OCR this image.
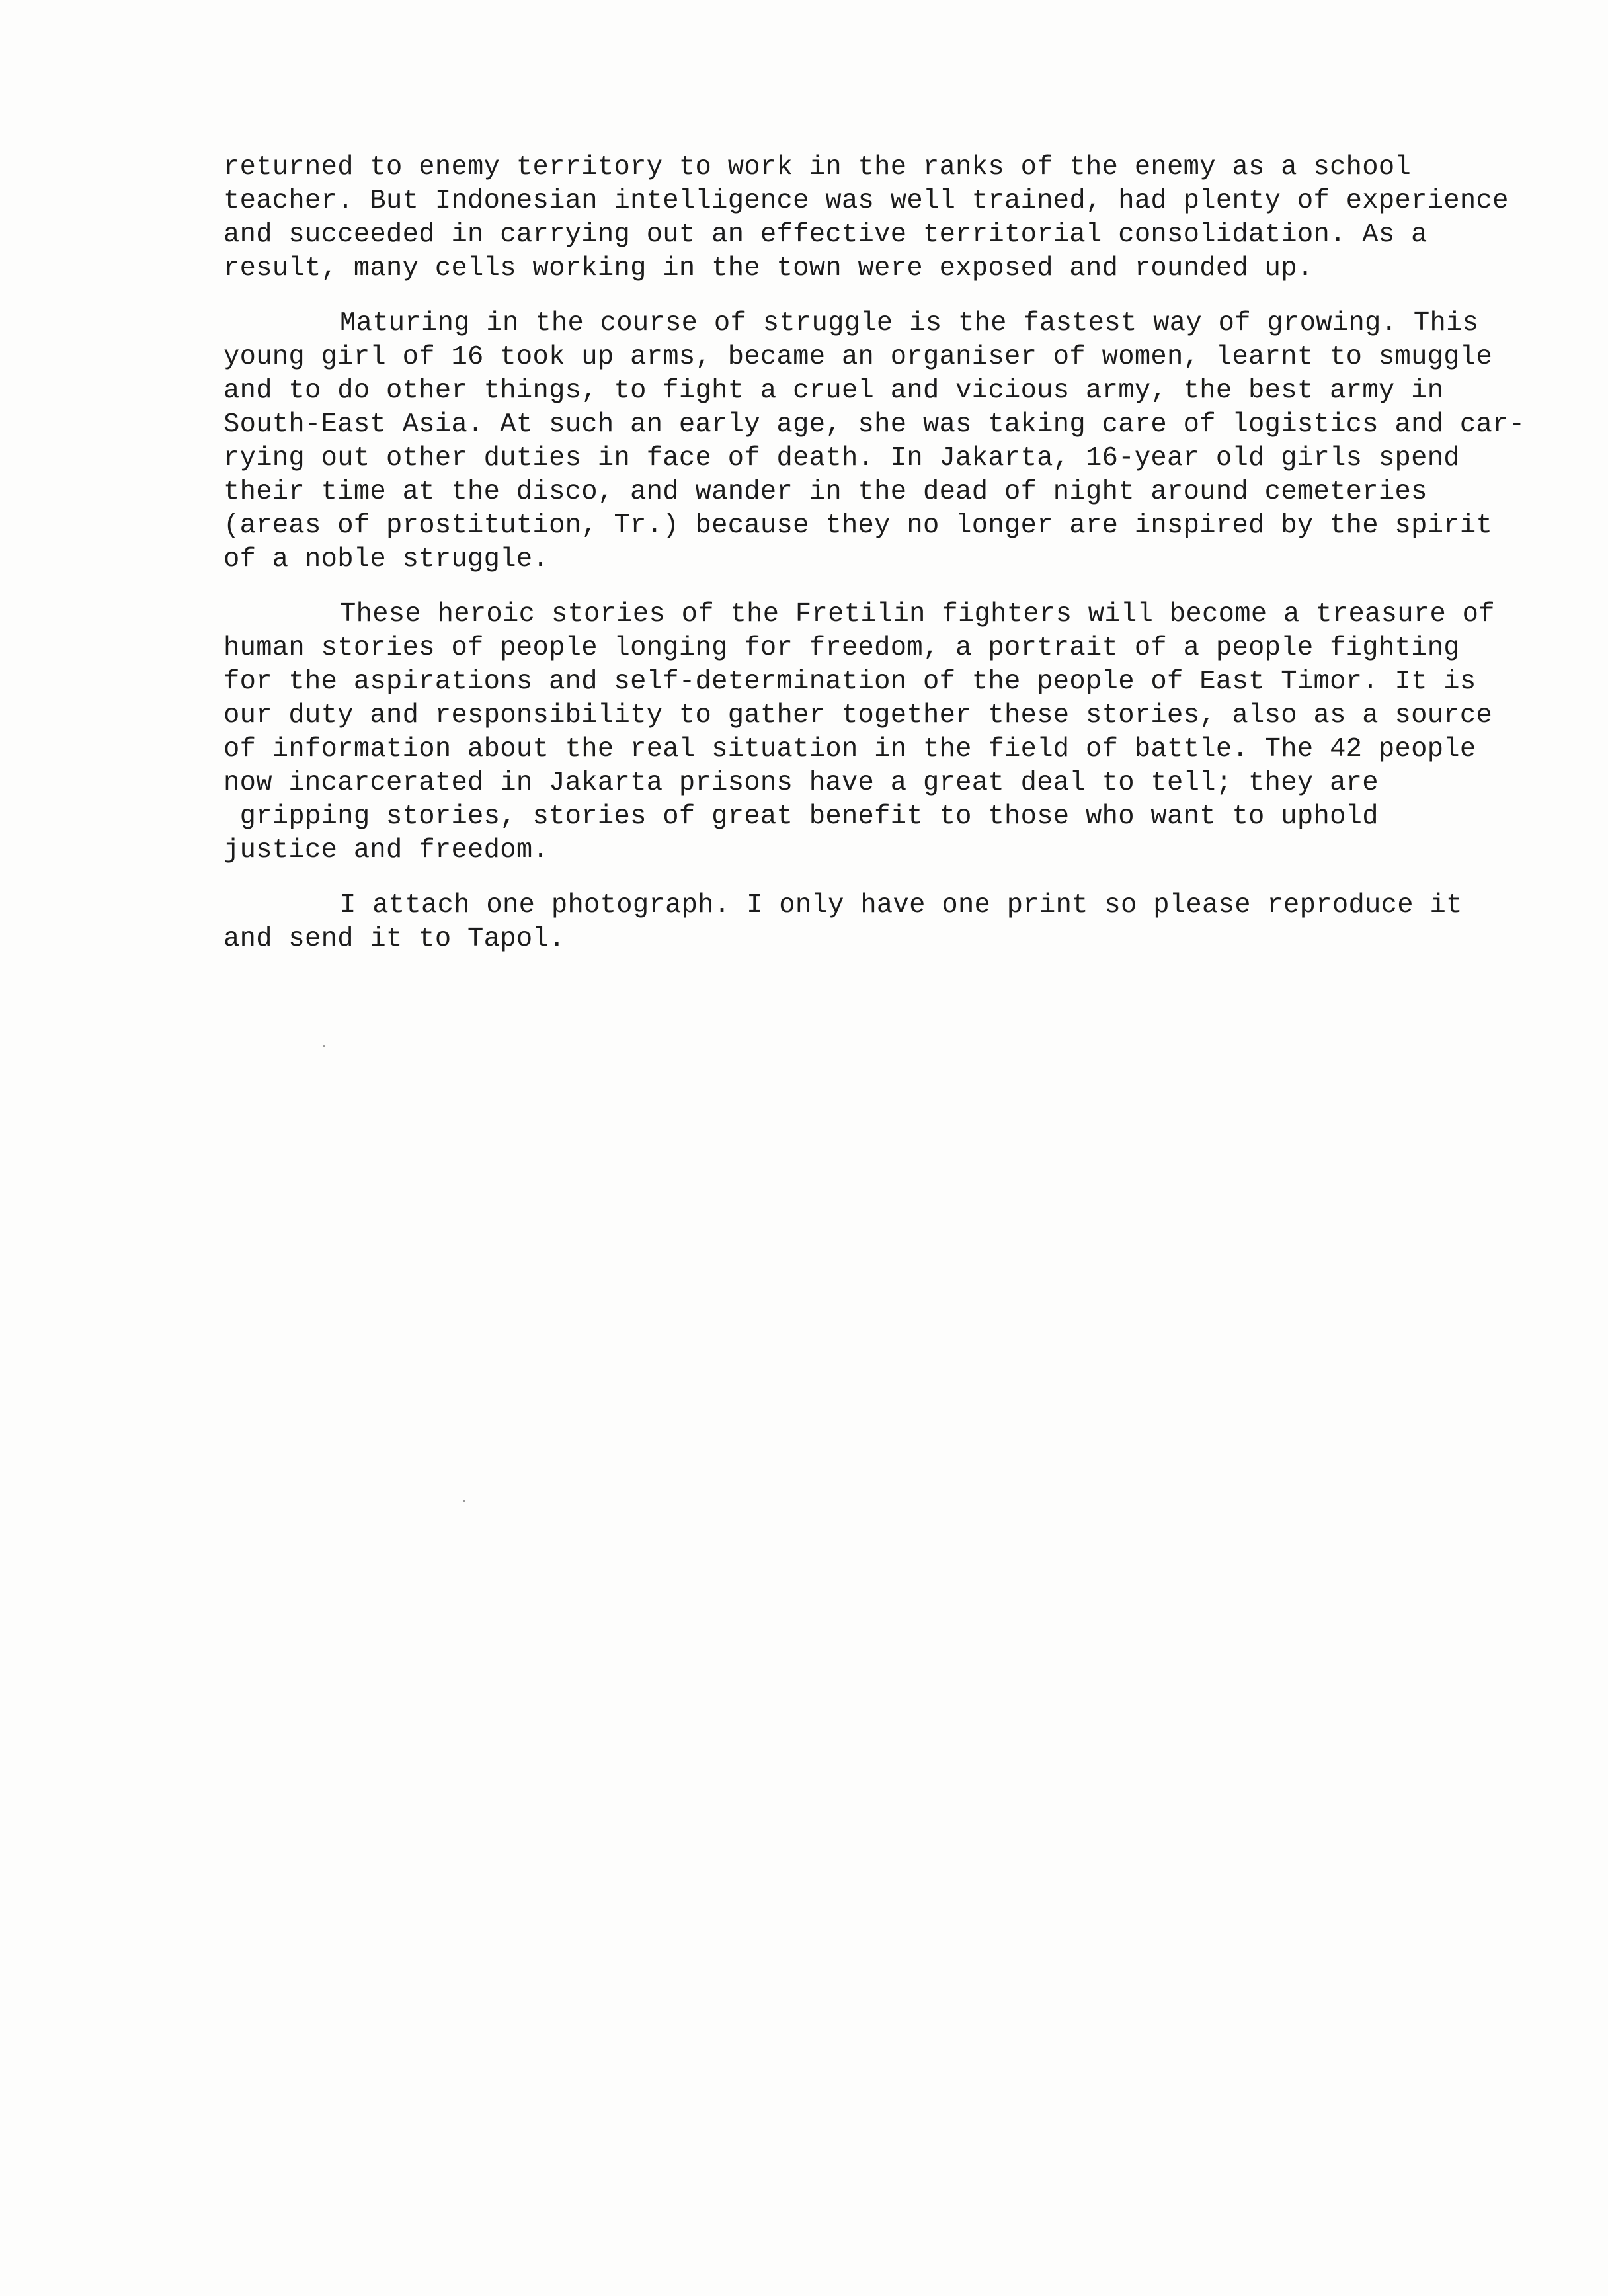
returned to enemy territory to work in the ranks of the enemy as a school
teacher. But Indonesian intelligence was well trained, had plenty of experience
and succeeded in carrying out an effective territorial consolidation. As a
result, many cells working in the town were exposed and rounded up.

Maturing in the course of struggle is the fastest way of growing. This
young girl of 16 took up arms, became an organiser of women, learnt to smuggle
and to do other things, to fight a cruel and vicious army, the best army in
South-East Asia. At such an early age, she was taking care of logistics and car-
rying out other duties in face of death. In Jakarta, 16-year old girls spend
their time at the disco, and wander in the dead of night around cemeteries
(areas of prostitution, Tr.) because they no longer are inspired by the spirit
of a noble struggle.

These heroic stories of the Fretilin fighters will become a treasure of
human stories of people longing for freedom, a portrait of a people fighting
for the aspirations and self-determination of the people of East Timor. It is
our duty and responsibility to gather together these stories, also as a source
of information about the real situation in the field of battle. The 42 people
now incarcerated in Jakarta prisons have a great deal to tell; they are
gripping stories, stories of great benefit to those who want to uphold
justice and freedom.

I attach one photograph. I only have one print so please reproduce it
and send it to Tapol.
